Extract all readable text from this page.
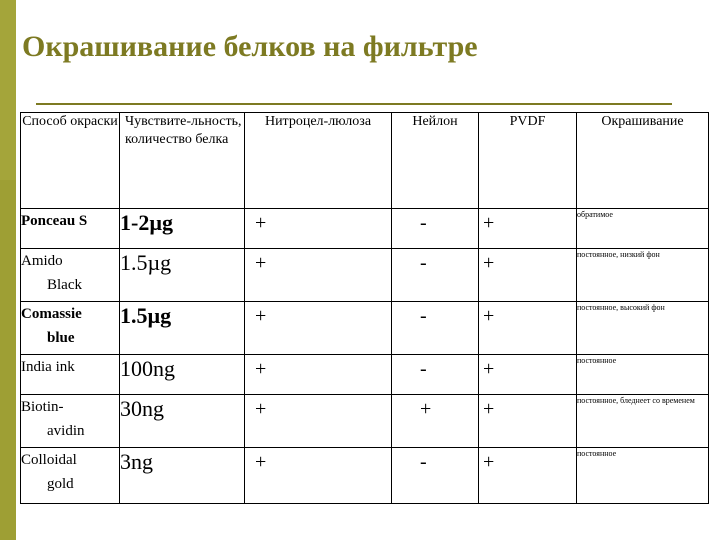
Окрашивание белков на фильтре
Способ окраски	Чувствите-льность, количество белка	Нитроцел-люлоза	Нейлон	PVDF	Окрашивание
Ponceau S	1-2µg	+	-	+	обратимое
Amido
Black	1.5µg	+	-	+	постоянное, низкий фон
Comassie
blue	1.5µg	+	-	+	постоянное, высокий фон
India ink	100ng	+	-	+	постоянное
Biotin-
avidin	30ng	+	+	+	постоянное, бледнеет со временем
Colloidal
gold	3ng	+	-	+	постоянное
